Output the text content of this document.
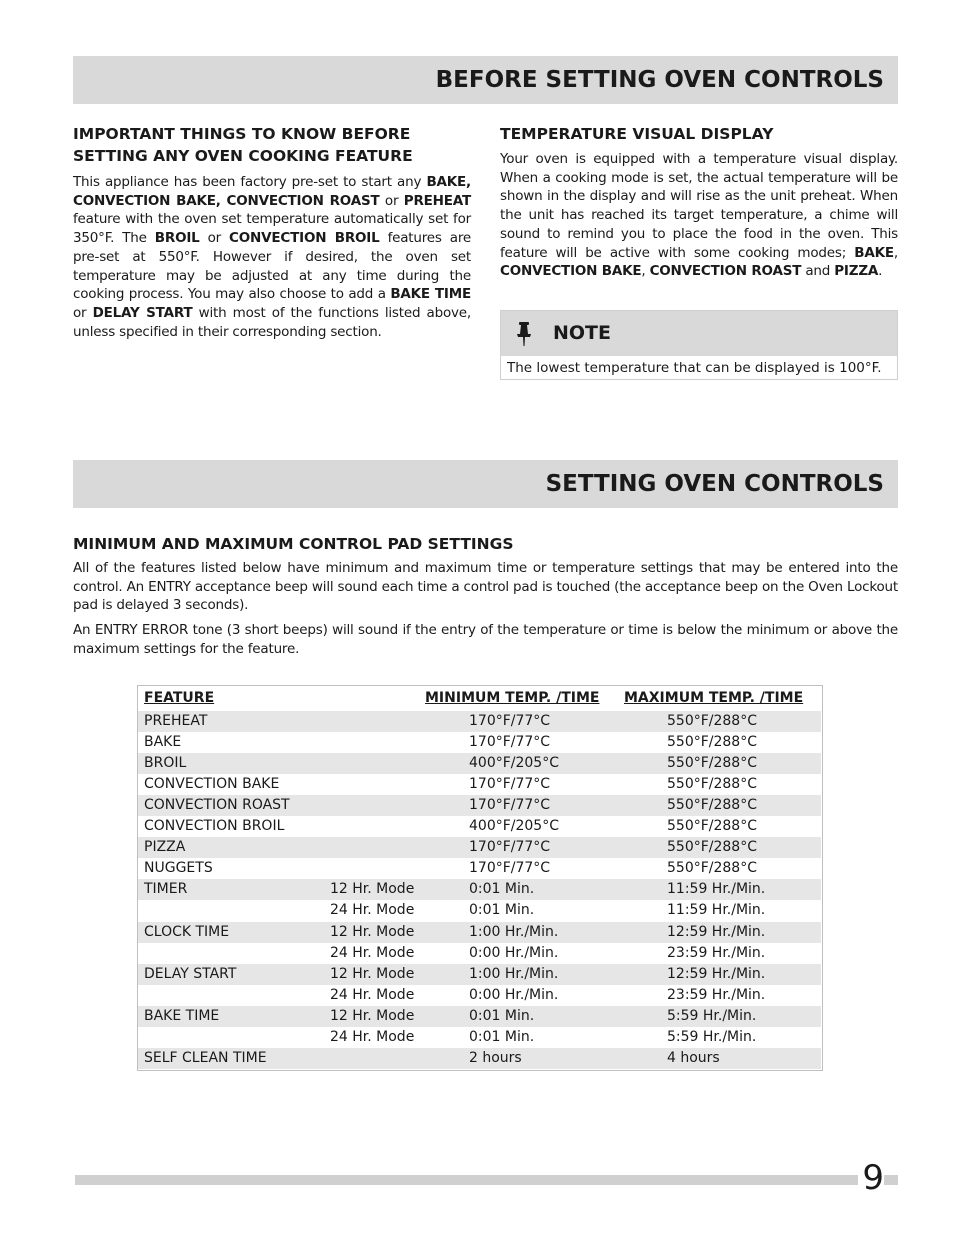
BEFORE SETTING OVEN CONTROLS
IMPORTANT THINGS TO KNOW BEFORE
SETTING ANY OVEN COOKING FEATURE

This appliance has been factory pre-set to start any BAKE, CONVECTION BAKE, CONVECTION ROAST or PREHEAT feature with the oven set temperature automatically set for 350°F. The BROIL or CONVECTION BROIL features are pre-set at 550°F. However if desired, the oven set temperature may be adjusted at any time during the cooking process. You may also choose to add a BAKE TIME or DELAY START with most of the functions listed above, unless specified in their corresponding section.

TEMPERATURE VISUAL DISPLAY

Your oven is equipped with a temperature visual display. When a cooking mode is set, the actual temperature will be shown in the display and will rise as the unit preheat. When the unit has reached its target temperature, a chime will sound to remind you to place the food in the oven. This feature will be active with some cooking modes; BAKE, CONVECTION BAKE, CONVECTION ROAST and PIZZA.

NOTE
The lowest temperature that can be displayed is 100°F.
SETTING OVEN CONTROLS
MINIMUM AND MAXIMUM CONTROL PAD SETTINGS

All of the features listed below have minimum and maximum time or temperature settings that may be entered into the control. An ENTRY acceptance beep will sound each time a control pad is touched (the acceptance beep on the Oven Lockout pad is delayed 3 seconds).

An ENTRY ERROR tone (3 short beeps) will sound if the entry of the temperature or time is below the minimum or above the maximum settings for the feature.

FEATURE	MINIMUM TEMP. /TIME MAXIMUM TEMP. /TIME
PREHEAT	170°F/77°C	550°F/288°C
BAKE	170°F/77°C	550°F/288°C
BROIL	400°F/205°C	550°F/288°C
CONVECTION BAKE	170°F/77°C	550°F/288°C
CONVECTION ROAST	170°F/77°C	550°F/288°C
CONVECTION BROIL	400°F/205°C	550°F/288°C
PIZZA	170°F/77°C	550°F/288°C
NUGGETS	170°F/77°C	550°F/288°C
TIMER	12 Hr. Mode	0:01 Min.	11:59 Hr./Min.
24 Hr. Mode	0:01 Min.	11:59 Hr./Min.
CLOCK TIME	12 Hr. Mode	1:00 Hr./Min.	12:59 Hr./Min.
24 Hr. Mode	0:00 Hr./Min.	23:59 Hr./Min.
DELAY START	12 Hr. Mode	1:00 Hr./Min.	12:59 Hr./Min.
24 Hr. Mode	0:00 Hr./Min.	23:59 Hr./Min.
BAKE TIME	12 Hr. Mode	0:01 Min.	5:59 Hr./Min.
24 Hr. Mode	0:01 Min.	5:59 Hr./Min.
SELF CLEAN TIME	2 hours	4 hours
9
